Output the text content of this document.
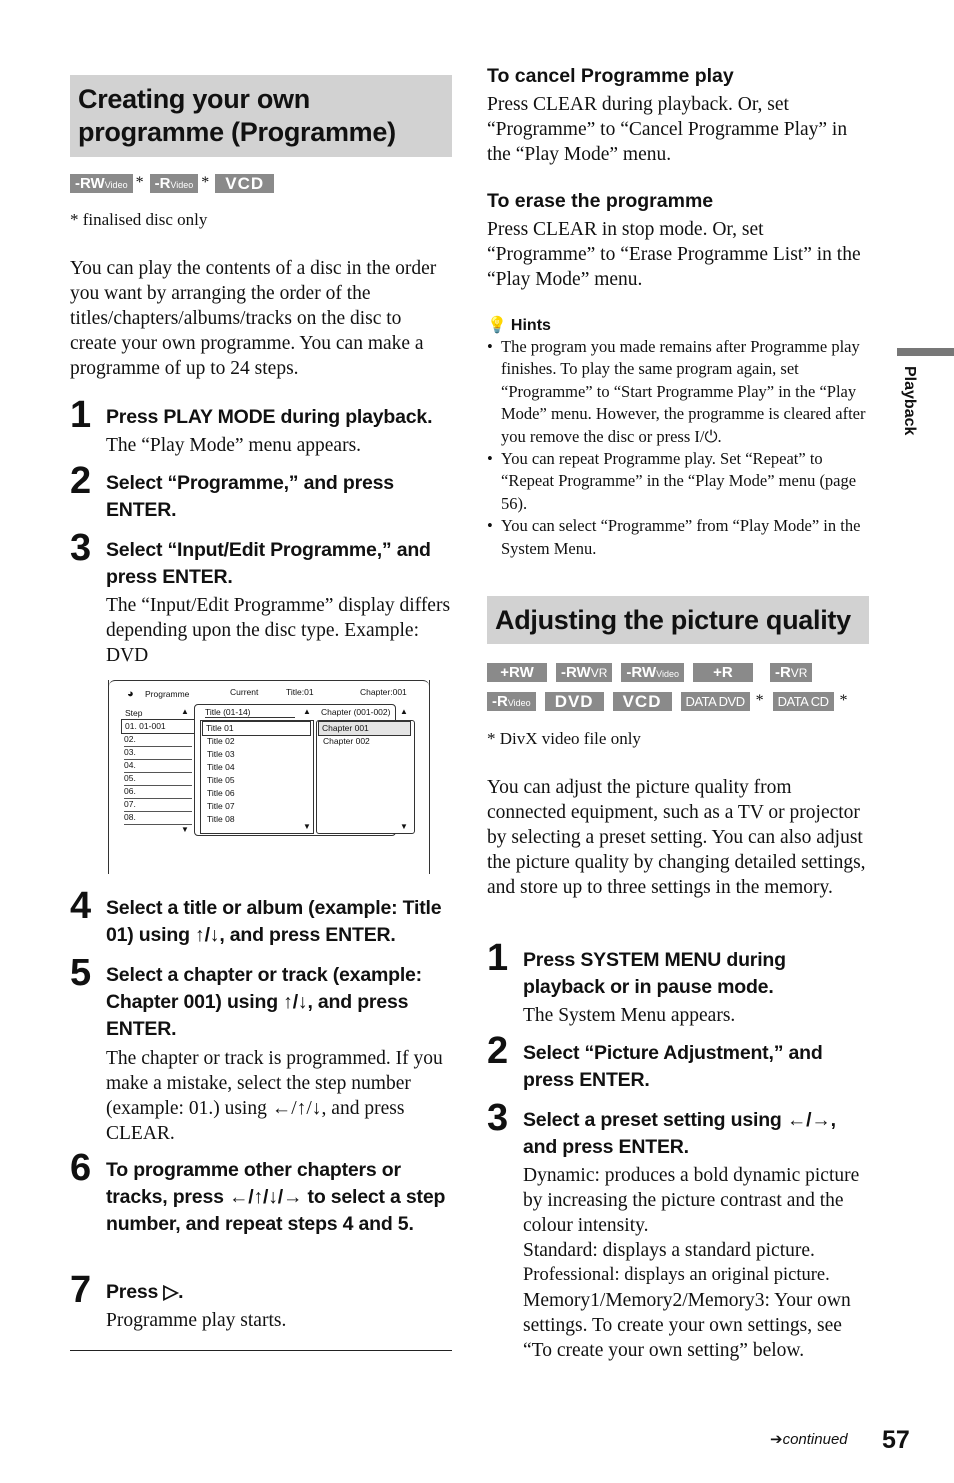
Creating your own programme (Programme)
-RW Video * -R Video * VCD
* finalised disc only
You can play the contents of a disc in the order you want by arranging the order of the titles/chapters/albums/tracks on the disc to create your own programme. You can make a programme of up to 24 steps.
1 Press PLAY MODE during playback.
The “Play Mode” menu appears.
2 Select “Programme,” and press ENTER.
3 Select “Input/Edit Programme,” and press ENTER.
The “Input/Edit Programme” display differs depending upon the disc type. Example: DVD
◕ Programme	Current	Title:01	Chapter:001
Step	▲
01. 01-001
02.
03.
04.
05.
06.
07.
08.
▼
Title (01-14)	▲
Title 01
Title 02
Title 03
Title 04
Title 05
Title 06
Title 07
Title 08
▼
Chapter (001-002) ▲
Chapter 001
Chapter 002
▼
4 Select a title or album (example: Title 01) using ↑/↓, and press ENTER.
5 Select a chapter or track (example: Chapter 001) using ↑/↓, and press ENTER.
The chapter or track is programmed. If you make a mistake, select the step number (example: 01.) using ←/↑/↓, and press CLEAR.
6 To programme other chapters or tracks, press ←/↑/↓/→ to select a step number, and repeat steps 4 and 5.
7 Press ▷.
Programme play starts.
To cancel Programme play
Press CLEAR during playback. Or, set “Programme” to “Cancel Programme Play” in the “Play Mode” menu.
To erase the programme
Press CLEAR in stop mode. Or, set “Programme” to “Erase Programme List” in the “Play Mode” menu.
💡 Hints
• The program you made remains after Programme play finishes. To play the same program again, set “Programme” to “Start Programme Play” in the “Play Mode” menu. However, the programme is cleared after you remove the disc or press I/⏻.
• You can repeat Programme play. Set “Repeat” to “Repeat Programme” in the “Play Mode” menu (page 56).
• You can select “Programme” from “Play Mode” in the System Menu.
Adjusting the picture quality
+RW	-RW VR -RW Video	+R	-R VR
-R Video	DVD	VCD	DATA DVD *	DATA CD *
* DivX video file only
You can adjust the picture quality from connected equipment, such as a TV or projector by selecting a preset setting. You can also adjust the picture quality by changing detailed settings, and store up to three settings in the memory.
1 Press SYSTEM MENU during playback or in pause mode.
The System Menu appears.
2 Select “Picture Adjustment,” and press ENTER.
3 Select a preset setting using ←/→, and press ENTER.
Dynamic: produces a bold dynamic picture by increasing the picture contrast and the colour intensity.
Standard: displays a standard picture.
Professional: displays an original picture.
Memory1/Memory2/Memory3: Your own settings. To create your own settings, see “To create your own setting” below.
Playback
➔continued 57
